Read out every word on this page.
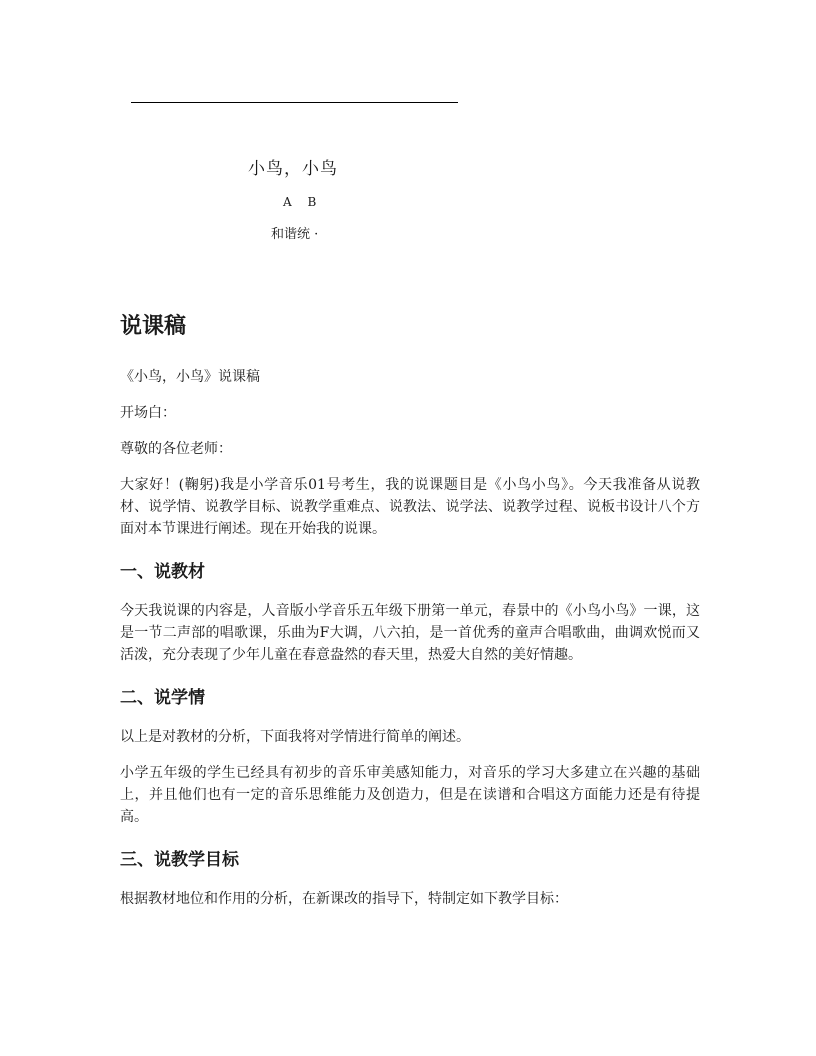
小鸟，小鸟
A B
和谐统 ·
说课稿

《小鸟，小鸟》说课稿

开场白：

尊敬的各位老师：

大家好！(鞠躬)我是小学音乐01号考生，我的说课题目是《小鸟小鸟》。今天我准备从说教材、说学情、说教学目标、说教学重难点、说教法、说学法、说教学过程、说板书设计八个方面对本节课进行阐述。现在开始我的说课。

一、说教材

今天我说课的内容是，人音版小学音乐五年级下册第一单元，春景中的《小鸟小鸟》一课，这是一节二声部的唱歌课，乐曲为F大调，八六拍，是一首优秀的童声合唱歌曲，曲调欢悦而又活泼，充分表现了少年儿童在春意盎然的春天里，热爱大自然的美好情趣。

二、说学情

以上是对教材的分析，下面我将对学情进行简单的阐述。

小学五年级的学生已经具有初步的音乐审美感知能力，对音乐的学习大多建立在兴趣的基础上，并且他们也有一定的音乐思维能力及创造力，但是在读谱和合唱这方面能力还是有待提高。

三、说教学目标

根据教材地位和作用的分析，在新课改的指导下，特制定如下教学目标：
